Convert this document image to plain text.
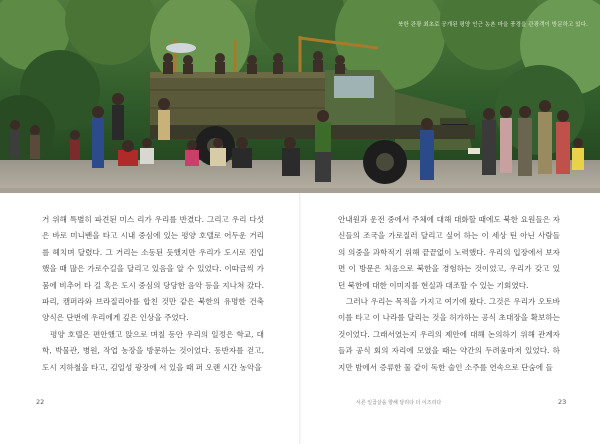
북한 관광 최초로 공개된 평양 인근 농촌 마을 풍경을 관광객이 방문하고 있다.

거 위해 특별히 파견된 미스 리가 우리를 반겼다. 그리고 우리 다섯은 바로 미니밴을 타고 시내 중심에 있는 평양 호텔로 어두운 거리를 헤치며 달렸다. 그 거리는 소동된 듯했지만 우리가 도시로 진입했을 때 많은 가로수길을 달리고 있음을 알 수 있었다. 이따금씩 가뭄에 비추어 타 길 혹은 도시 중심의 당당한 음악 등을 지나쳐 갔다. 파리, 캠퍼라와 브라질리아를 합친 것만 같은 북한의 유명한 건축 양식은 단번에 우리에게 깊은 인상을 주었다.

평양 호텔은 편안했고 앉으로 며칠 동안 우리의 일정은 학교, 대학, 박물관, 병원, 작업 농장을 방문하는 것이었다. 동반자를 걷고, 도시 지하철을 타고, 김일성 광장에 서 있을 때 퍼 오랜 시간 농악을

안내원과 운전 중에서 주체에 대해 대화할 때에도 북한 요원들은 자신들의 조국을 가로질러 달리고 싶어 하는 이 세상 틴 아닌 사람들의 의중을 과학적기 위해 끝끝없이 노력했다. 우리의 입장에서 보자면 이 방문은 처음으로 북한을 경험하는 것이었고, 우리가 갖고 있던 북한에 대한 이미지를 현실과 대조할 수 있는 기회였다.

그러나 우리는 목적을 가지고 여기에 왔다. 그것은 우리가 오토바이를 타고 이 나라를 달리는 것을 허가하는 공식 초대장을 확보하는 것이었다. 그래서였는지 우리의 제안에 대해 논의하기 위해 관계자들과 공식 회의 자리에 모였을 때는 약간의 두려움마저 있었다. 하지만 밤에서 증류한 물 같이 독한 술인 소주를 연속으로 단숨에 들

22	서른 일곱살을 향해 달리다 더 이즈리다	23
